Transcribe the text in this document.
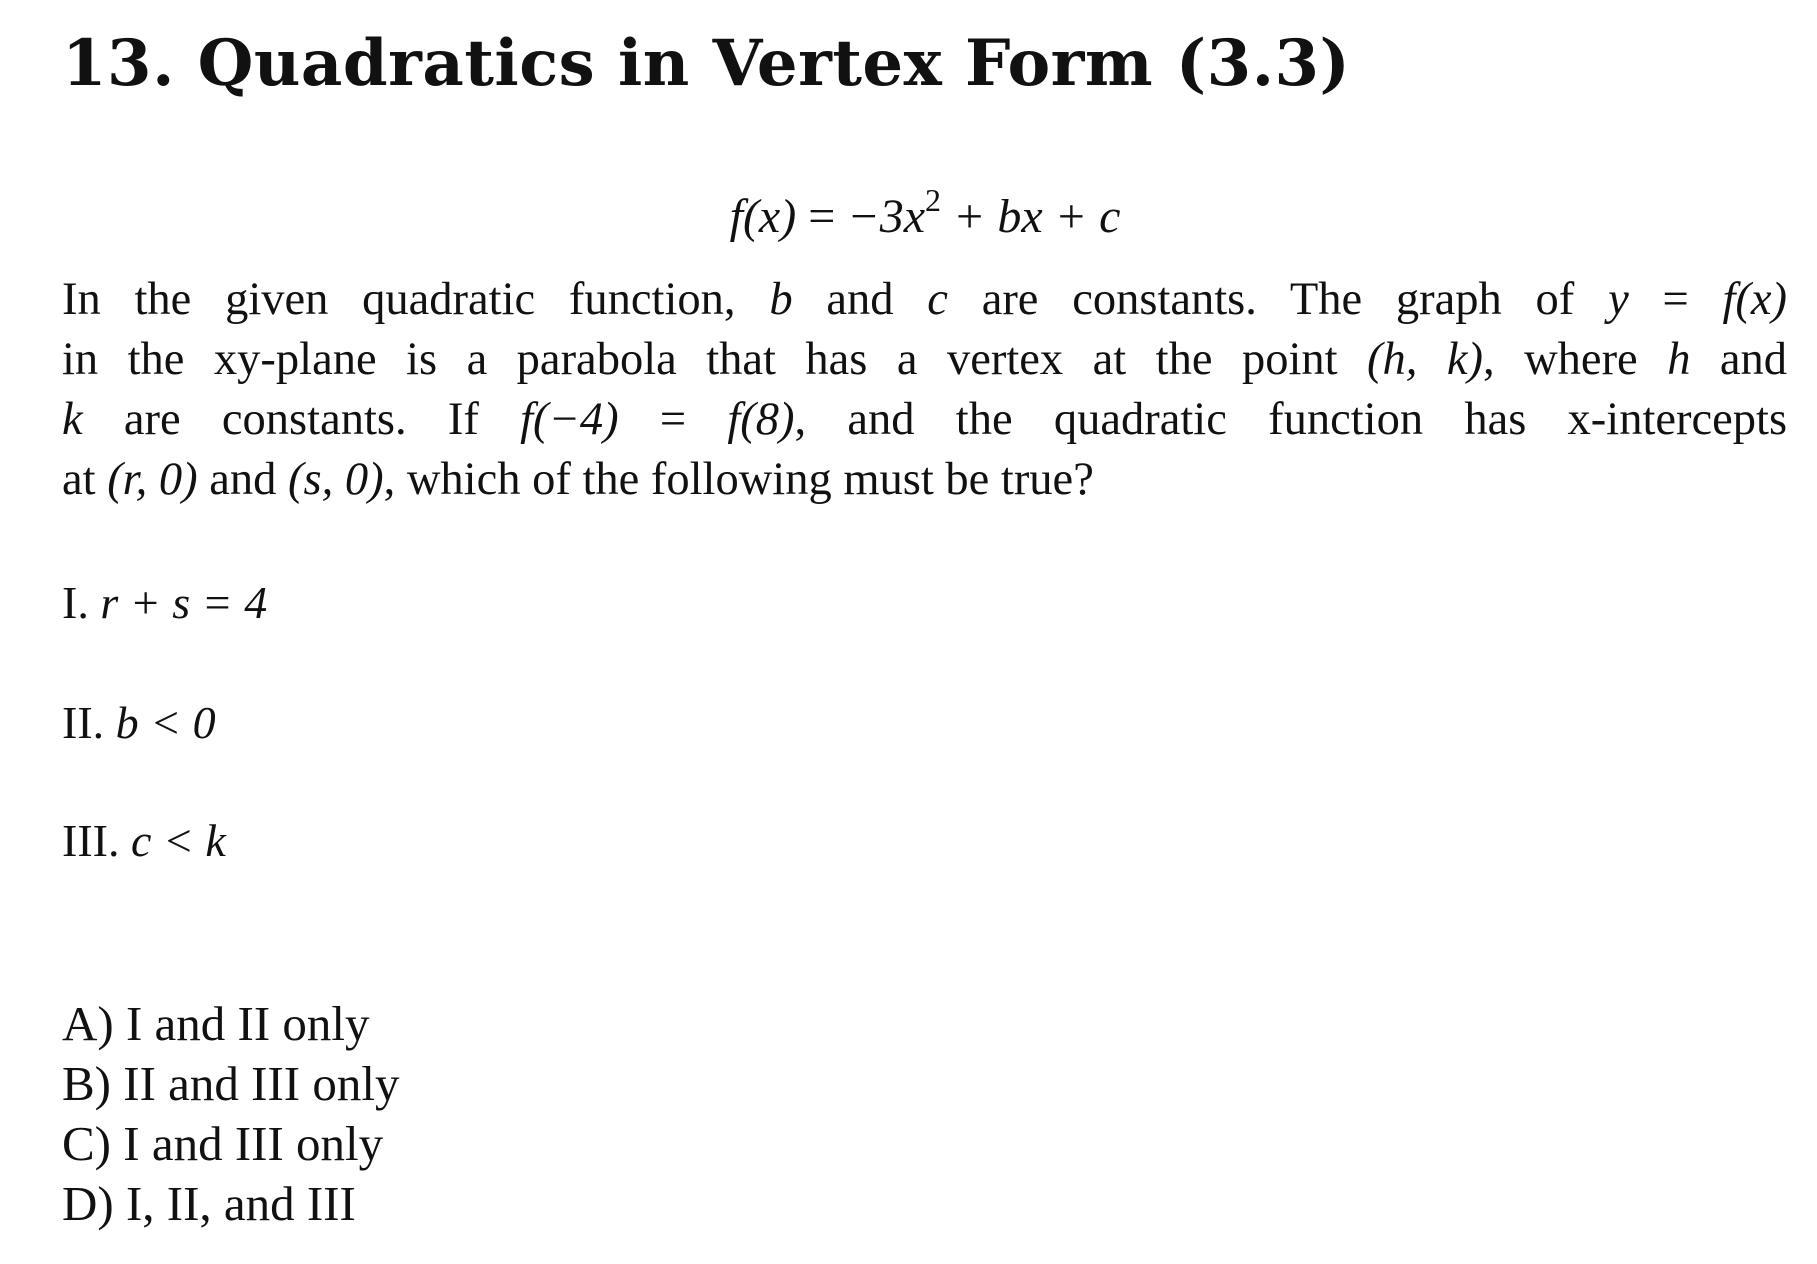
13. Quadratics in Vertex Form (3.3)
$f(x) = -3x^2$ + bx + c
In the given quadratic function, b and c are constants. The graph of y = f(x)
in the xy-plane is a parabola that has a vertex at the point (h, k), where h and
k are constants. If f(−4) = f(8), and the quadratic function has x-intercepts
at (r, 0) and (s, 0), which of the following must be true?
I. r + s = 4
II. b < 0
III. c < k
A) I and II only
B) II and III only
C) I and III only
D) I, II, and III
